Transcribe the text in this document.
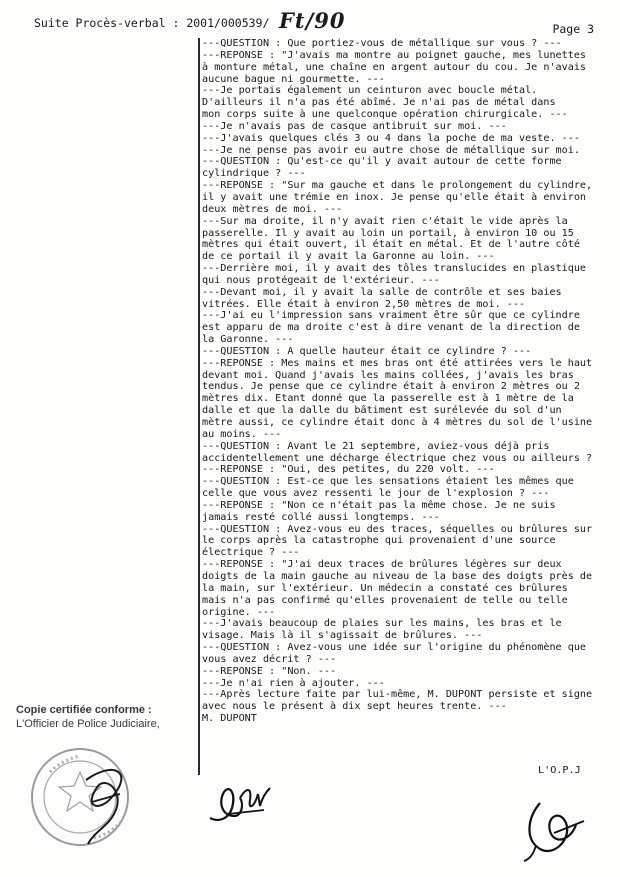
Suite Procès-verbal : 2001/000539/ Ft/90	Page 3
---QUESTION : Que portiez-vous de métallique sur vous ? ---
---REPONSE : "J'avais ma montre au poignet gauche, mes lunettes
à monture métal, une chaîne en argent autour du cou. Je n'avais
aucune bague ni gourmette. ---
---Je portais également un ceinturon avec boucle métal.
D'ailleurs il n'a pas été abîmé. Je n'ai pas de métal dans
mon corps suite à une quelconque opération chirurgicale. ---
---Je n'avais pas de casque antibruit sur moi. ---
---J'avais quelques clés 3 ou 4 dans la poche de ma veste. ---
---Je ne pense pas avoir eu autre chose de métallique sur moi.
---QUESTION : Qu'est-ce qu'il y avait autour de cette forme
cylindrique ? ---
---REPONSE : "Sur ma gauche et dans le prolongement du cylindre,
il y avait une trémie en inox. Je pense qu'elle était à environ
deux mètres de moi. ---
---Sur ma droite, il n'y avait rien c'était le vide après la
passerelle. Il y avait au loin un portail, à environ 10 ou 15
mètres qui était ouvert, il était en métal. Et de l'autre côté
de ce portail il y avait la Garonne au loin. ---
---Derrière moi, il y avait des tôles translucides en plastique
qui nous protégeait de l'extérieur. ---
---Devant moi, il y avait la salle de contrôle et ses baies
vitrées. Elle était à environ 2,50 mètres de moi. ---
---J'ai eu l'impression sans vraiment être sûr que ce cylindre
est apparu de ma droite c'est à dire venant de la direction de
la Garonne. ---
---QUESTION : A quelle hauteur était ce cylindre ? ---
---REPONSE : Mes mains et mes bras ont été attirées vers le haut
devant moi. Quand j'avais les mains collées, j'avais les bras
tendus. Je pense que ce cylindre était à environ 2 mètres ou 2
mètres dix. Etant donné que la passerelle est à 1 mètre de la
dalle et que la dalle du bâtiment est surélevée du sol d'un
mètre aussi, ce cylindre était donc à 4 mètres du sol de l'usine
au moins. ---
---QUESTION : Avant le 21 septembre, aviez-vous déjà pris
accidentellement une décharge électrique chez vous ou ailleurs ?
---REPONSE : "Oui, des petites, du 220 volt. ---
---QUESTION : Est-ce que les sensations étaient les mêmes que
celle que vous avez ressenti le jour de l'explosion ? ---
---REPONSE : "Non ce n'était pas la même chose. Je ne suis
jamais resté collé aussi longtemps. ---
---QUESTION : Avez-vous eu des traces, séquelles ou brûlures sur
le corps après la catastrophe qui provenaient d'une source
électrique ? ---
---REPONSE : "J'ai deux traces de brûlures légères sur deux
doigts de la main gauche au niveau de la base des doigts près de
la main, sur l'extérieur. Un médecin a constaté ces brûlures
mais n'a pas confirmé qu'elles provenaient de telle ou telle
origine. ---
---J'avais beaucoup de plaies sur les mains, les bras et le
visage. Mais là il s'agissait de brûlures. ---
---QUESTION : Avez-vous une idée sur l'origine du phénomène que
vous avez décrit ? ---
---REPONSE : "Non. ---
---Je n'ai rien à ajouter. ---
---Après lecture faite par lui-même, M. DUPONT persiste et signe
avec nous le présent à dix sept heures trente. ---
M. DUPONT
Copie certifiée conforme :
L'Officier de Police Judiciaire,
L'O.P.J
